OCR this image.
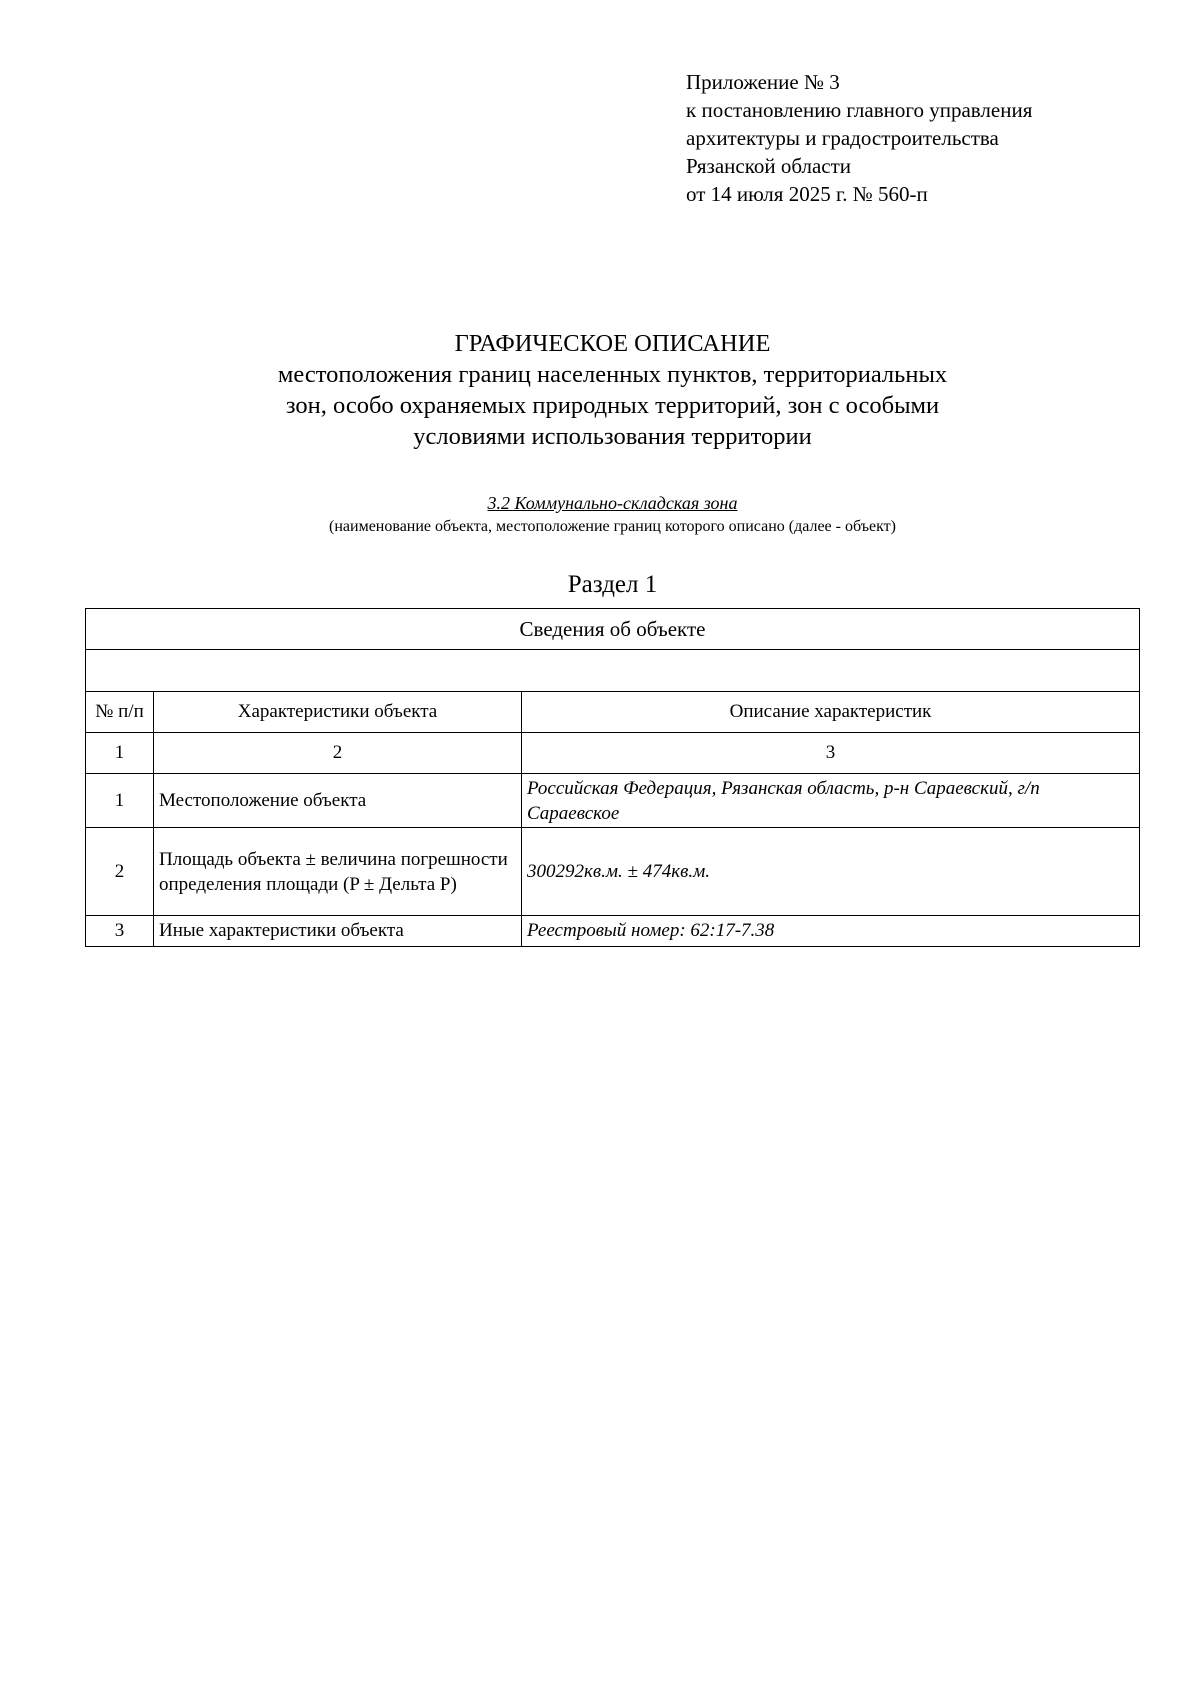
Приложение № 3
к постановлению главного управления
архитектуры и градостроительства
Рязанской области
от 14 июля 2025 г. № 560-п
ГРАФИЧЕСКОЕ ОПИСАНИЕ
местоположения границ населенных пунктов, территориальных
зон, особо охраняемых природных территорий, зон с особыми
условиями использования территории
3.2 Коммунально-складская зона
(наименование объекта, местоположение границ которого описано (далее - объект)
Раздел 1
Сведения об объекте		

№ п/п	Характеристики объекта	Описание характеристик
1	2	3
1	Местоположение объекта	Российская Федерация, Рязанская область, р-н Сараевский, г/п Сараевское
2	Площадь объекта ± величина погрешности определения площади (P ± Дельта P)	300292кв.м. ± 474кв.м.
3	Иные характеристики объекта	Реестровый номер: 62:17-7.38
